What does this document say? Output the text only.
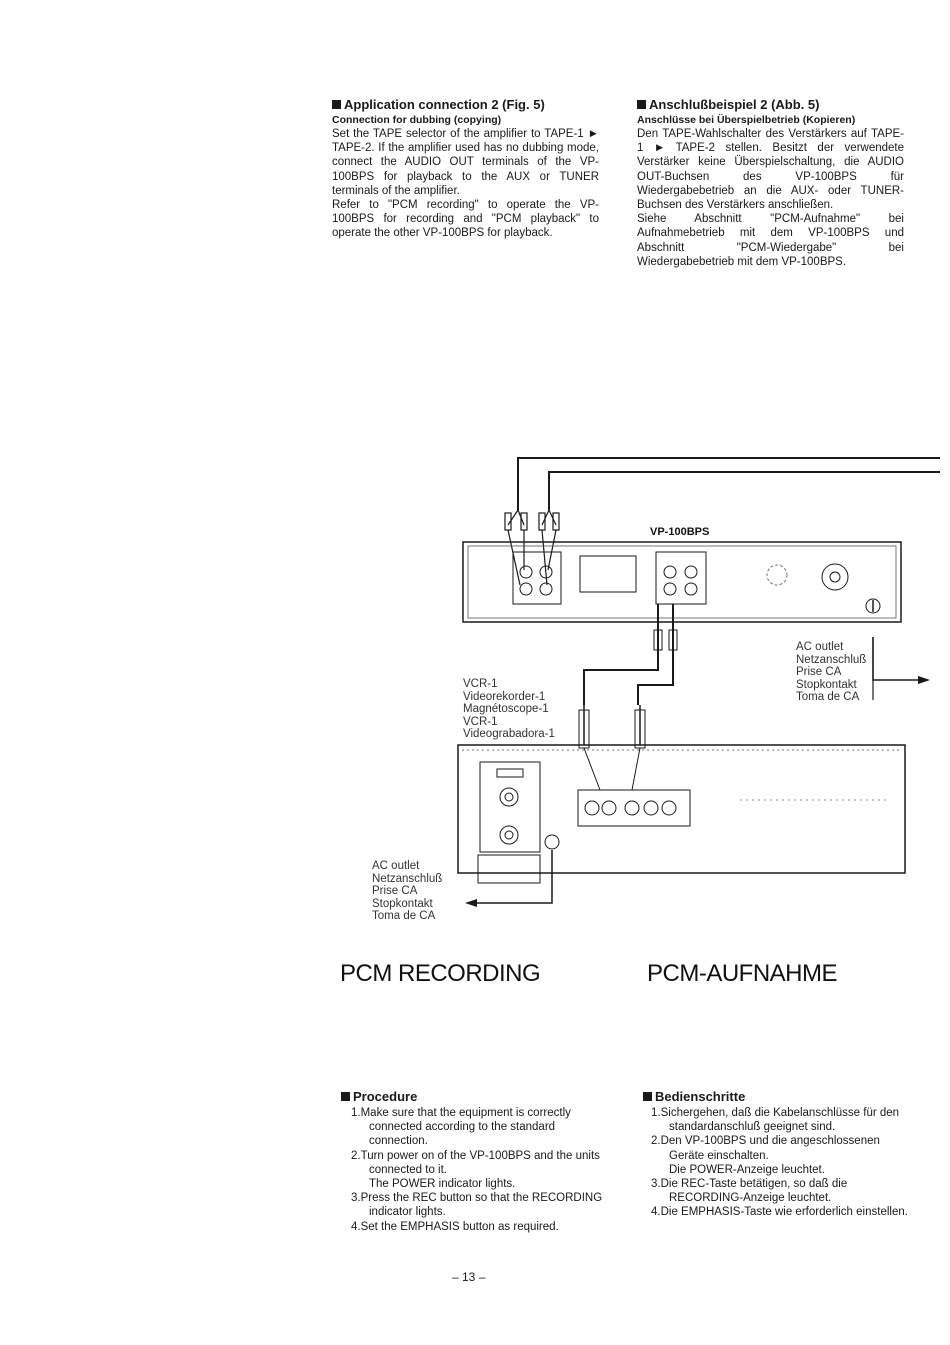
Application connection 2 (Fig. 5)
Connection for dubbing (copying)

Set the TAPE selector of the amplifier to TAPE-1 ► TAPE-2. If the amplifier used has no dubbing mode, connect the AUDIO OUT terminals of the VP-100BPS for playback to the AUX or TUNER terminals of the amplifier.

Refer to "PCM recording" to operate the VP-100BPS for recording and "PCM playback" to operate the other VP-100BPS for playback.

Anschlußbeispiel 2 (Abb. 5)
Anschlüsse bei Überspielbetrieb (Kopieren)

Den TAPE-Wahlschalter des Verstärkers auf TAPE-1 ► TAPE-2 stellen. Besitzt der verwendete Verstärker keine Überspielschaltung, die AUDIO OUT-Buchsen des VP-100BPS für Wiedergabebetrieb an die AUX- oder TUNER-Buchsen des Verstärkers anschließen.

Siehe Abschnitt "PCM-Aufnahme" bei Aufnahmebetrieb mit dem VP-100BPS und Abschnitt "PCM-Wiedergabe" bei Wiedergabebetrieb mit dem VP-100BPS.

VP-100BPS
AC outlet
Netzanschluß
Prise CA
Stopkontakt
Toma de CA
VCR-1
Videorekorder-1
Magnétoscope-1
VCR-1
Videograbadora-1
AC outlet
Netzanschluß
Prise CA
Stopkontakt
Toma de CA
PCM RECORDING	PCM-AUFNAHME
Procedure
1.Make sure that the equipment is correctly connected according to the standard connection.
2.Turn power on of the VP-100BPS and the units connected to it.
The POWER indicator lights.
3.Press the REC button so that the RECORDING indicator lights.
4.Set the EMPHASIS button as required.
Bedienschritte
1.Sichergehen, daß die Kabelanschlüsse für den standardanschluß geeignet sind.
2.Den VP-100BPS und die angeschlossenen Geräte einschalten.
Die POWER-Anzeige leuchtet.
3.Die REC-Taste betätigen, so daß die RECORDING-Anzeige leuchtet.
4.Die EMPHASIS-Taste wie erforderlich einstellen.
– 13 –
